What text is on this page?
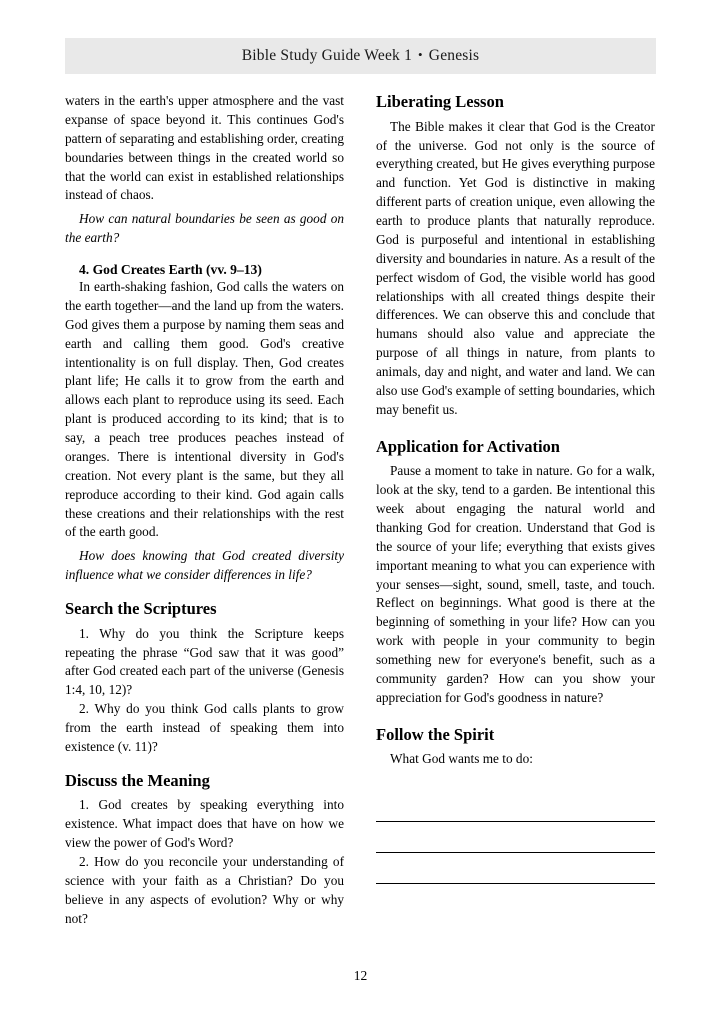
Bible Study Guide Week 1 • Genesis

waters in the earth's upper atmosphere and the vast expanse of space beyond it. This continues God's pattern of separating and establishing order, creating boundaries between things in the created world so that the world can exist in established relationships instead of chaos.

How can natural boundaries be seen as good on the earth?

4. God Creates Earth (vv. 9–13)

In earth-shaking fashion, God calls the waters on the earth together—and the land up from the waters. God gives them a purpose by naming them seas and earth and calling them good. God's creative intentionality is on full display. Then, God creates plant life; He calls it to grow from the earth and allows each plant to reproduce using its seed. Each plant is produced according to its kind; that is to say, a peach tree produces peaches instead of oranges. There is intentional diversity in God's creation. Not every plant is the same, but they all reproduce according to their kind. God again calls these creations and their relationships with the rest of the earth good.

How does knowing that God created diversity influence what we consider differences in life?

Search the Scriptures

1. Why do you think the Scripture keeps repeating the phrase “God saw that it was good” after God created each part of the universe (Genesis 1:4, 10, 12)?

2. Why do you think God calls plants to grow from the earth instead of speaking them into existence (v. 11)?

Discuss the Meaning

1. God creates by speaking everything into existence. What impact does that have on how we view the power of God's Word?

2. How do you reconcile your understanding of science with your faith as a Christian? Do you believe in any aspects of evolution? Why or why not?

Liberating Lesson

The Bible makes it clear that God is the Creator of the universe. God not only is the source of everything created, but He gives everything purpose and function. Yet God is distinctive in making different parts of creation unique, even allowing the earth to produce plants that naturally reproduce. God is purposeful and intentional in establishing diversity and boundaries in nature. As a result of the perfect wisdom of God, the visible world has good relationships with all created things despite their differences. We can observe this and conclude that humans should also value and appreciate the purpose of all things in nature, from plants to animals, day and night, and water and land. We can also use God's example of setting boundaries, which may benefit us.

Application for Activation

Pause a moment to take in nature. Go for a walk, look at the sky, tend to a garden. Be intentional this week about engaging the natural world and thanking God for creation. Understand that God is the source of your life; everything that exists gives important meaning to what you can experience with your senses—sight, sound, smell, taste, and touch. Reflect on beginnings. What good is there at the beginning of something in your life? How can you work with people in your community to begin something new for everyone's benefit, such as a community garden? How can you show your appreciation for God's goodness in nature?

Follow the Spirit

What God wants me to do:

12
